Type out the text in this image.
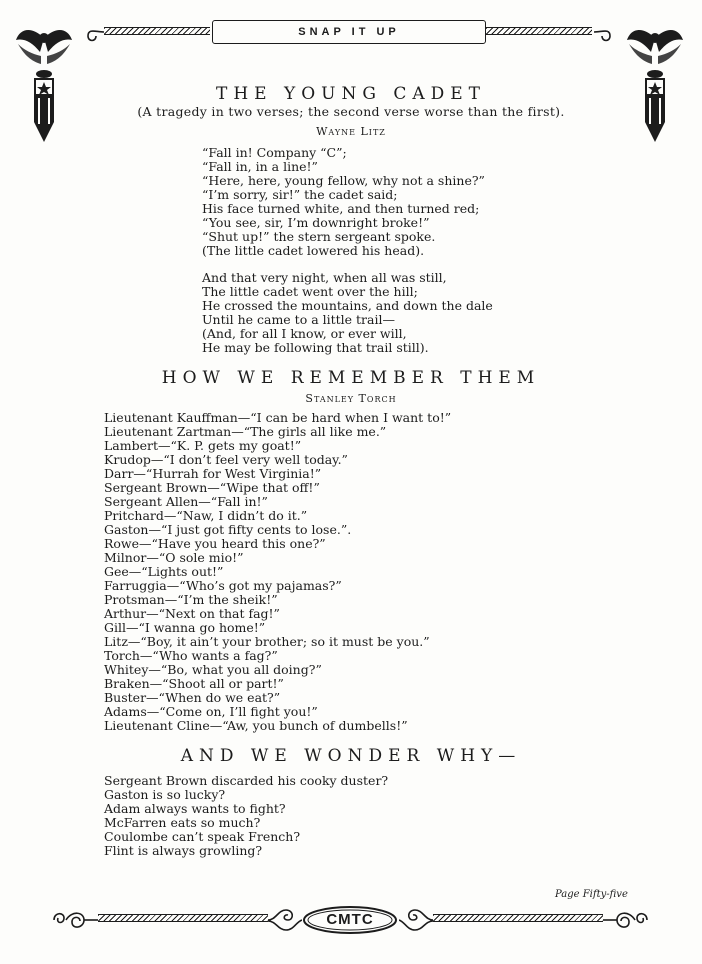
SNAP IT UP
THE YOUNG CADET
(A tragedy in two verses; the second verse worse than the first).
Wayne Litz
“Fall in! Company “C”;
“Fall in, in a line!”
“Here, here, young fellow, why not a shine?”
“I’m sorry, sir!” the cadet said;
His face turned white, and then turned red;
“You see, sir, I’m downright broke!”
“Shut up!” the stern sergeant spoke.
(The little cadet lowered his head).
And that very night, when all was still,
The little cadet went over the hill;
He crossed the mountains, and down the dale
Until he came to a little trail—
(And, for all I know, or ever will,
He may be following that trail still).
HOW WE REMEMBER THEM
Stanley Torch
Lieutenant Kauffman—“I can be hard when I want to!”
Lieutenant Zartman—“The girls all like me.”
Lambert—“K. P. gets my goat!”
Krudop—“I don’t feel very well today.”
Darr—“Hurrah for West Virginia!”
Sergeant Brown—“Wipe that off!”
Sergeant Allen—“Fall in!”
Pritchard—“Naw, I didn’t do it.”
Gaston—“I just got fifty cents to lose.”.
Rowe—“Have you heard this one?”
Milnor—“O sole mio!”
Gee—“Lights out!”
Farruggia—“Who’s got my pajamas?”
Protsman—“I’m the sheik!”
Arthur—“Next on that fag!”
Gill—“I wanna go home!”
Litz—“Boy, it ain’t your brother; so it must be you.”
Torch—“Who wants a fag?”
Whitey—“Bo, what you all doing?”
Braken—“Shoot all or part!”
Buster—“When do we eat?”
Adams—“Come on, I’ll fight you!”
Lieutenant Cline—“Aw, you bunch of dumbells!”
AND WE WONDER WHY—
Sergeant Brown discarded his cooky duster?
Gaston is so lucky?
Adam always wants to fight?
McFarren eats so much?
Coulombe can’t speak French?
Flint is always growling?
Page Fifty-five
CMTC
